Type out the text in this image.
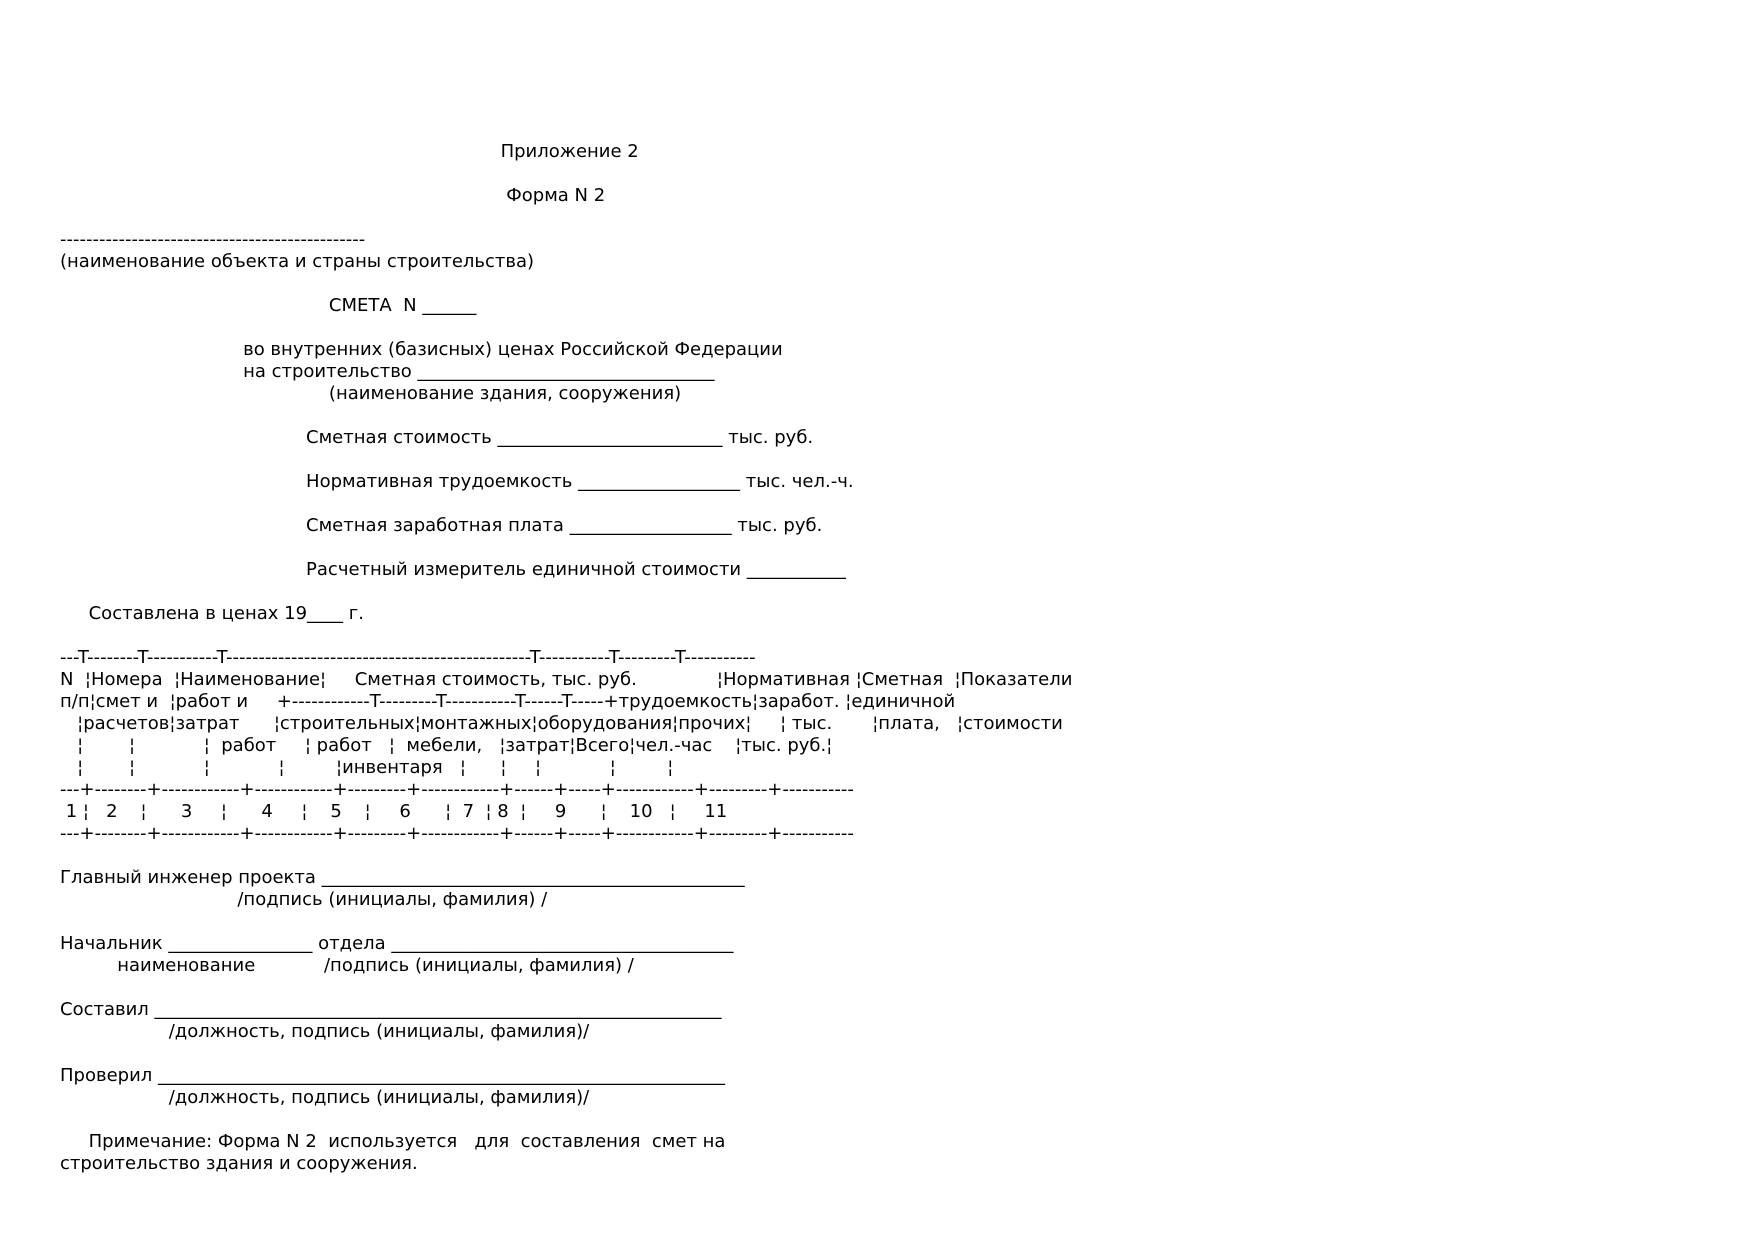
Приложение 2
Форма N 2
-----------------------------------------------
(наименование объекта и страны строительства)
СМЕТА  N ______
во внутренних (базисных) ценах Российской Федерации
на строительство _________________________________
(наименование здания, сооружения)
Сметная стоимость _________________________ тыс. руб.
Нормативная трудоемкость __________________ тыс. чел.-ч.
Сметная заработная плата __________________ тыс. руб.
Расчетный измеритель единичной стоимости ___________
Составлена в ценах 19____ г.
---T--------T-----------T-----------------------------------------------T-----------T---------T-----------
N  ¦Номера  ¦Наименование¦     Сметная стоимость, тыс. руб.              ¦Нормативная ¦Сметная  ¦Показатели
п/п¦смет и  ¦работ и     +------------T---------T-----------T------T-----+трудоемкость¦заработ. ¦единичной
¦расчетов¦затрат      ¦строительных¦монтажных¦оборудования¦прочих¦     ¦ тыс.       ¦плата,   ¦стоимости
¦        ¦            ¦  работ     ¦ работ   ¦  мебели,   ¦затрат¦Всего¦чел.-час    ¦тыс. руб.¦
¦        ¦            ¦            ¦         ¦инвентаря   ¦      ¦     ¦            ¦         ¦
---+--------+------------+------------+---------+------------+------+-----+------------+---------+-----------
1 ¦   2    ¦      3     ¦      4     ¦    5    ¦     6      ¦  7  ¦ 8  ¦     9      ¦    10   ¦     11
---+--------+------------+------------+---------+------------+------+-----+------------+---------+-----------
Главный инженер проекта _______________________________________________
/подпись (инициалы, фамилия) /
Начальник ________________ отдела ______________________________________
наименование            /подпись (инициалы, фамилия) /
Составил _______________________________________________________________
/должность, подпись (инициалы, фамилия)/
Проверил _______________________________________________________________
/должность, подпись (инициалы, фамилия)/
Примечание: Форма N 2  используется   для  составления  смет на
строительство здания и сооружения.
